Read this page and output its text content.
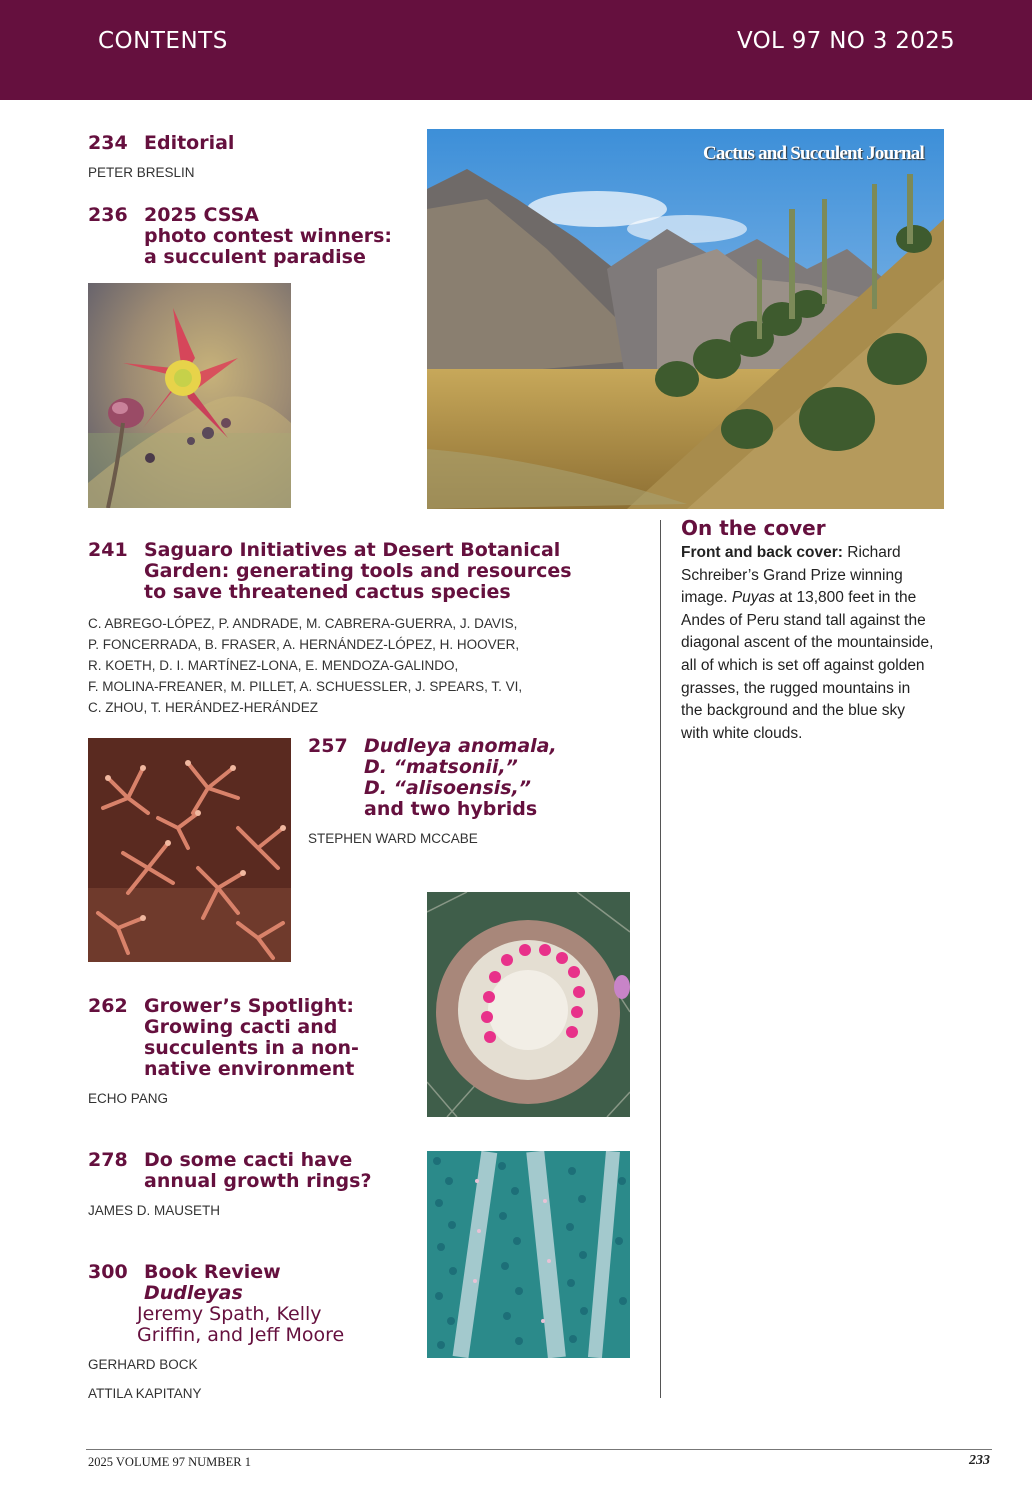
CONTENTS	VOL 97 NO 3 2025
234 Editorial
PETER BRESLIN
236 2025 CSSA
photo contest winners:
a succulent paradise
Cactus and Succulent Journal
241 Saguaro Initiatives at Desert Botanical
Garden: generating tools and resources
to save threatened cactus species
C. ABREGO-LÓPEZ, P. ANDRADE, M. CABRERA-GUERRA, J. DAVIS,
P. FONCERRADA, B. FRASER, A. HERNÁNDEZ-LÓPEZ, H. HOOVER,
R. KOETH, D. I. MARTÍNEZ-LONA, E. MENDOZA-GALINDO,
F. MOLINA-FREANER, M. PILLET, A. SCHUESSLER, J. SPEARS, T. VI,
C. ZHOU, T. HERÁNDEZ-HERÁNDEZ
257 Dudleya anomala,
D. “matsonii,”
D. “alisoensis,”
and two hybrids
STEPHEN WARD MCCABE
262 Grower’s Spotlight:
Growing cacti and
succulents in a non-
native environment
ECHO PANG
278 Do some cacti have
annual growth rings?
JAMES D. MAUSETH
300 Book Review
Dudleyas
Jeremy Spath, Kelly
Griffin, and Jeff Moore
GERHARD BOCK
ATTILA KAPITANY
On the cover
Front and back cover: Richard Schreiber’s Grand Prize winning image. Puyas at 13,800 feet in the Andes of Peru stand tall against the diagonal ascent of the mountainside, all of which is set off against golden grasses, the rugged mountains in the background and the blue sky with white clouds.
2025 VOLUME 97 NUMBER 1	233
